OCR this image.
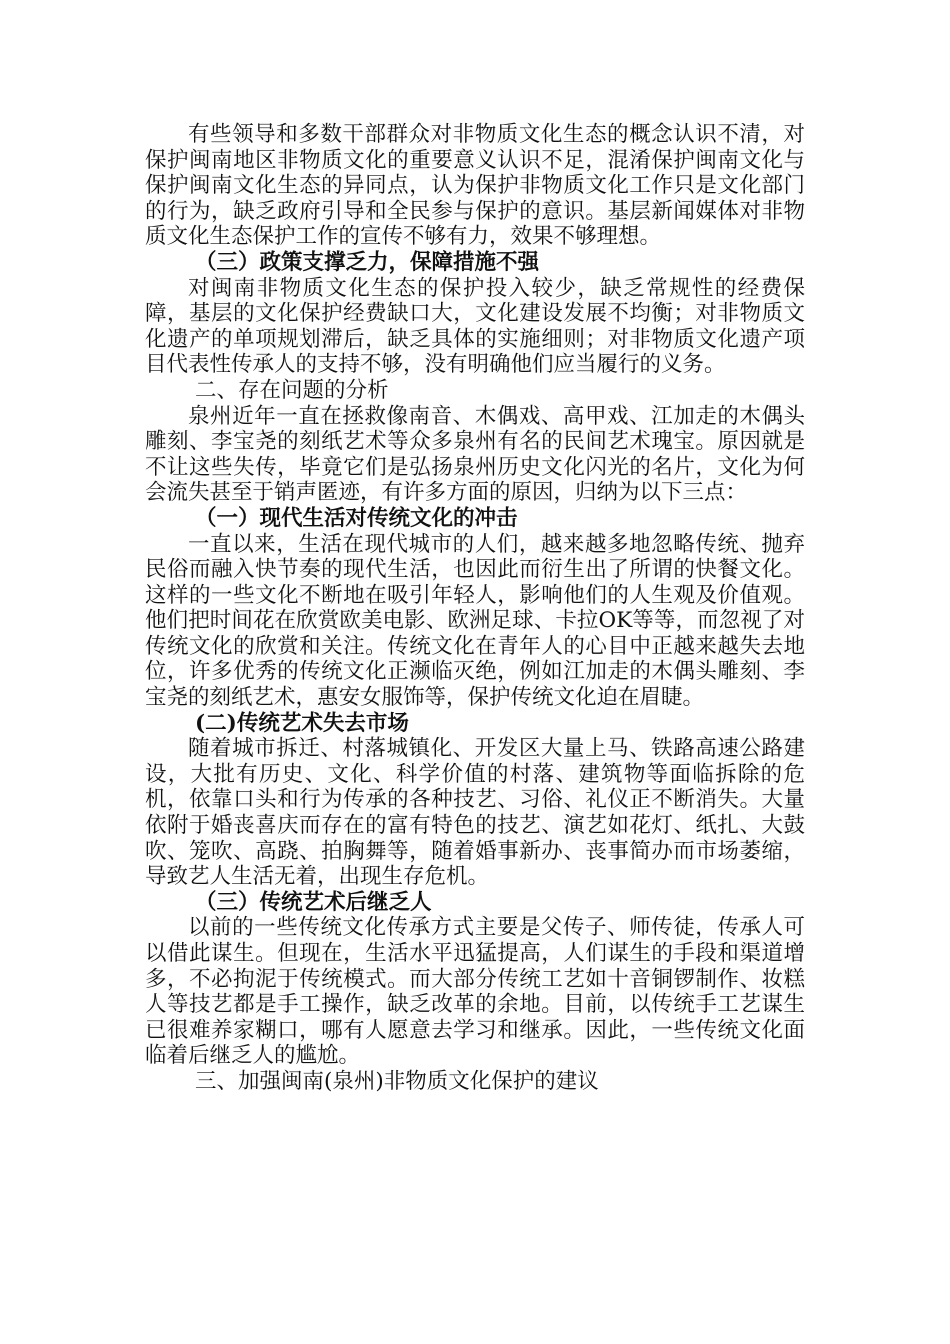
有些领导和多数干部群众对非物质文化生态的概念认识不清，对保护闽南地区非物质文化的重要意义认识不足，混淆保护闽南文化与保护闽南文化生态的异同点，认为保护非物质文化工作只是文化部门的行为，缺乏政府引导和全民参与保护的意识。基层新闻媒体对非物质文化生态保护工作的宣传不够有力，效果不够理想。

（三）政策支撑乏力，保障措施不强

对闽南非物质文化生态的保护投入较少，缺乏常规性的经费保障，基层的文化保护经费缺口大，文化建设发展不均衡；对非物质文化遗产的单项规划滞后，缺乏具体的实施细则；对非物质文化遗产项目代表性传承人的支持不够，没有明确他们应当履行的义务。

二、存在问题的分析

泉州近年一直在拯救像南音、木偶戏、高甲戏、江加走的木偶头雕刻、李宝尧的刻纸艺术等众多泉州有名的民间艺术瑰宝。原因就是不让这些失传，毕竟它们是弘扬泉州历史文化闪光的名片，文化为何会流失甚至于销声匿迹，有许多方面的原因，归纳为以下三点：

（一）现代生活对传统文化的冲击

一直以来，生活在现代城市的人们，越来越多地忽略传统、抛弃民俗而融入快节奏的现代生活，也因此而衍生出了所谓的快餐文化。这样的一些文化不断地在吸引年轻人，影响他们的人生观及价值观。他们把时间花在欣赏欧美电影、欧洲足球、卡拉OK等等，而忽视了对传统文化的欣赏和关注。传统文化在青年人的心目中正越来越失去地位，许多优秀的传统文化正濒临灭绝，例如江加走的木偶头雕刻、李宝尧的刻纸艺术，惠安女服饰等，保护传统文化迫在眉睫。

(二)传统艺术失去市场

随着城市拆迁、村落城镇化、开发区大量上马、铁路高速公路建设，大批有历史、文化、科学价值的村落、建筑物等面临拆除的危机，依靠口头和行为传承的各种技艺、习俗、礼仪正不断消失。大量依附于婚丧喜庆而存在的富有特色的技艺、演艺如花灯、纸扎、大鼓吹、笼吹、高跷、拍胸舞等，随着婚事新办、丧事简办而市场萎缩，导致艺人生活无着，出现生存危机。

（三）传统艺术后继乏人

以前的一些传统文化传承方式主要是父传子、师传徒，传承人可以借此谋生。但现在，生活水平迅猛提高，人们谋生的手段和渠道增多，不必拘泥于传统模式。而大部分传统工艺如十音铜锣制作、妆糕人等技艺都是手工操作，缺乏改革的余地。目前，以传统手工艺谋生已很难养家糊口，哪有人愿意去学习和继承。因此，一些传统文化面临着后继乏人的尴尬。

三、加强闽南(泉州)非物质文化保护的建议
